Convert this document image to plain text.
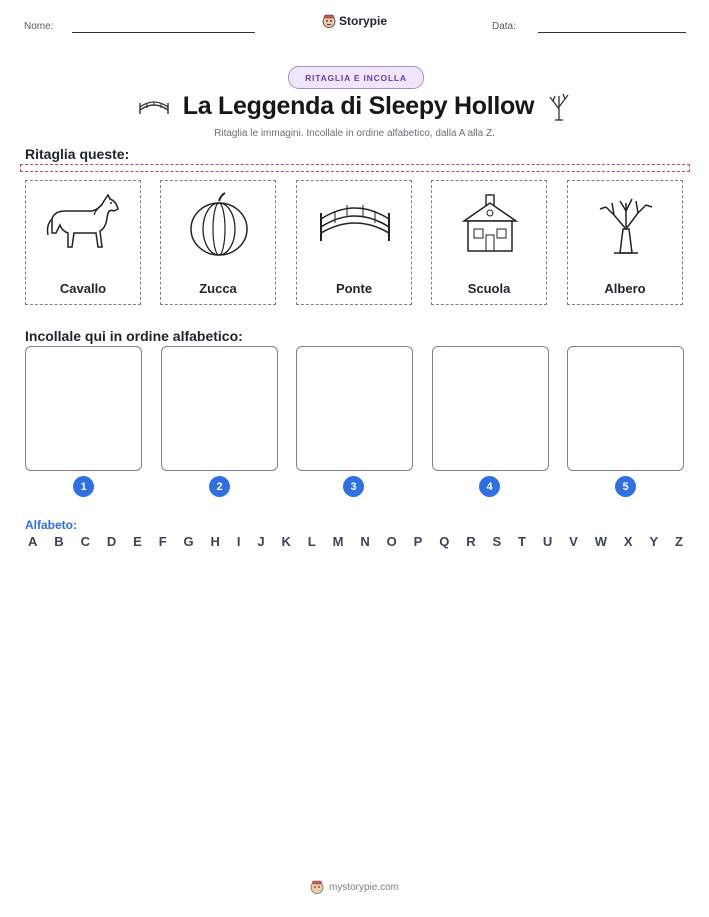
Nome:	Storypie	Data:
RITAGLIA E INCOLLA
La Leggenda di Sleepy Hollow
Ritaglia le immagini. Incollale in ordine alfabetico, dalla A alla Z.
Ritaglia queste:
Cavallo	Zucca	Ponte	Scuola	Albero
Incollale qui in ordine alfabetico:
1	2	3	4	5
Alfabeto:
A B C D E F G H I J K L M N O P Q R S T U V W X Y Z
mystorypie.com
